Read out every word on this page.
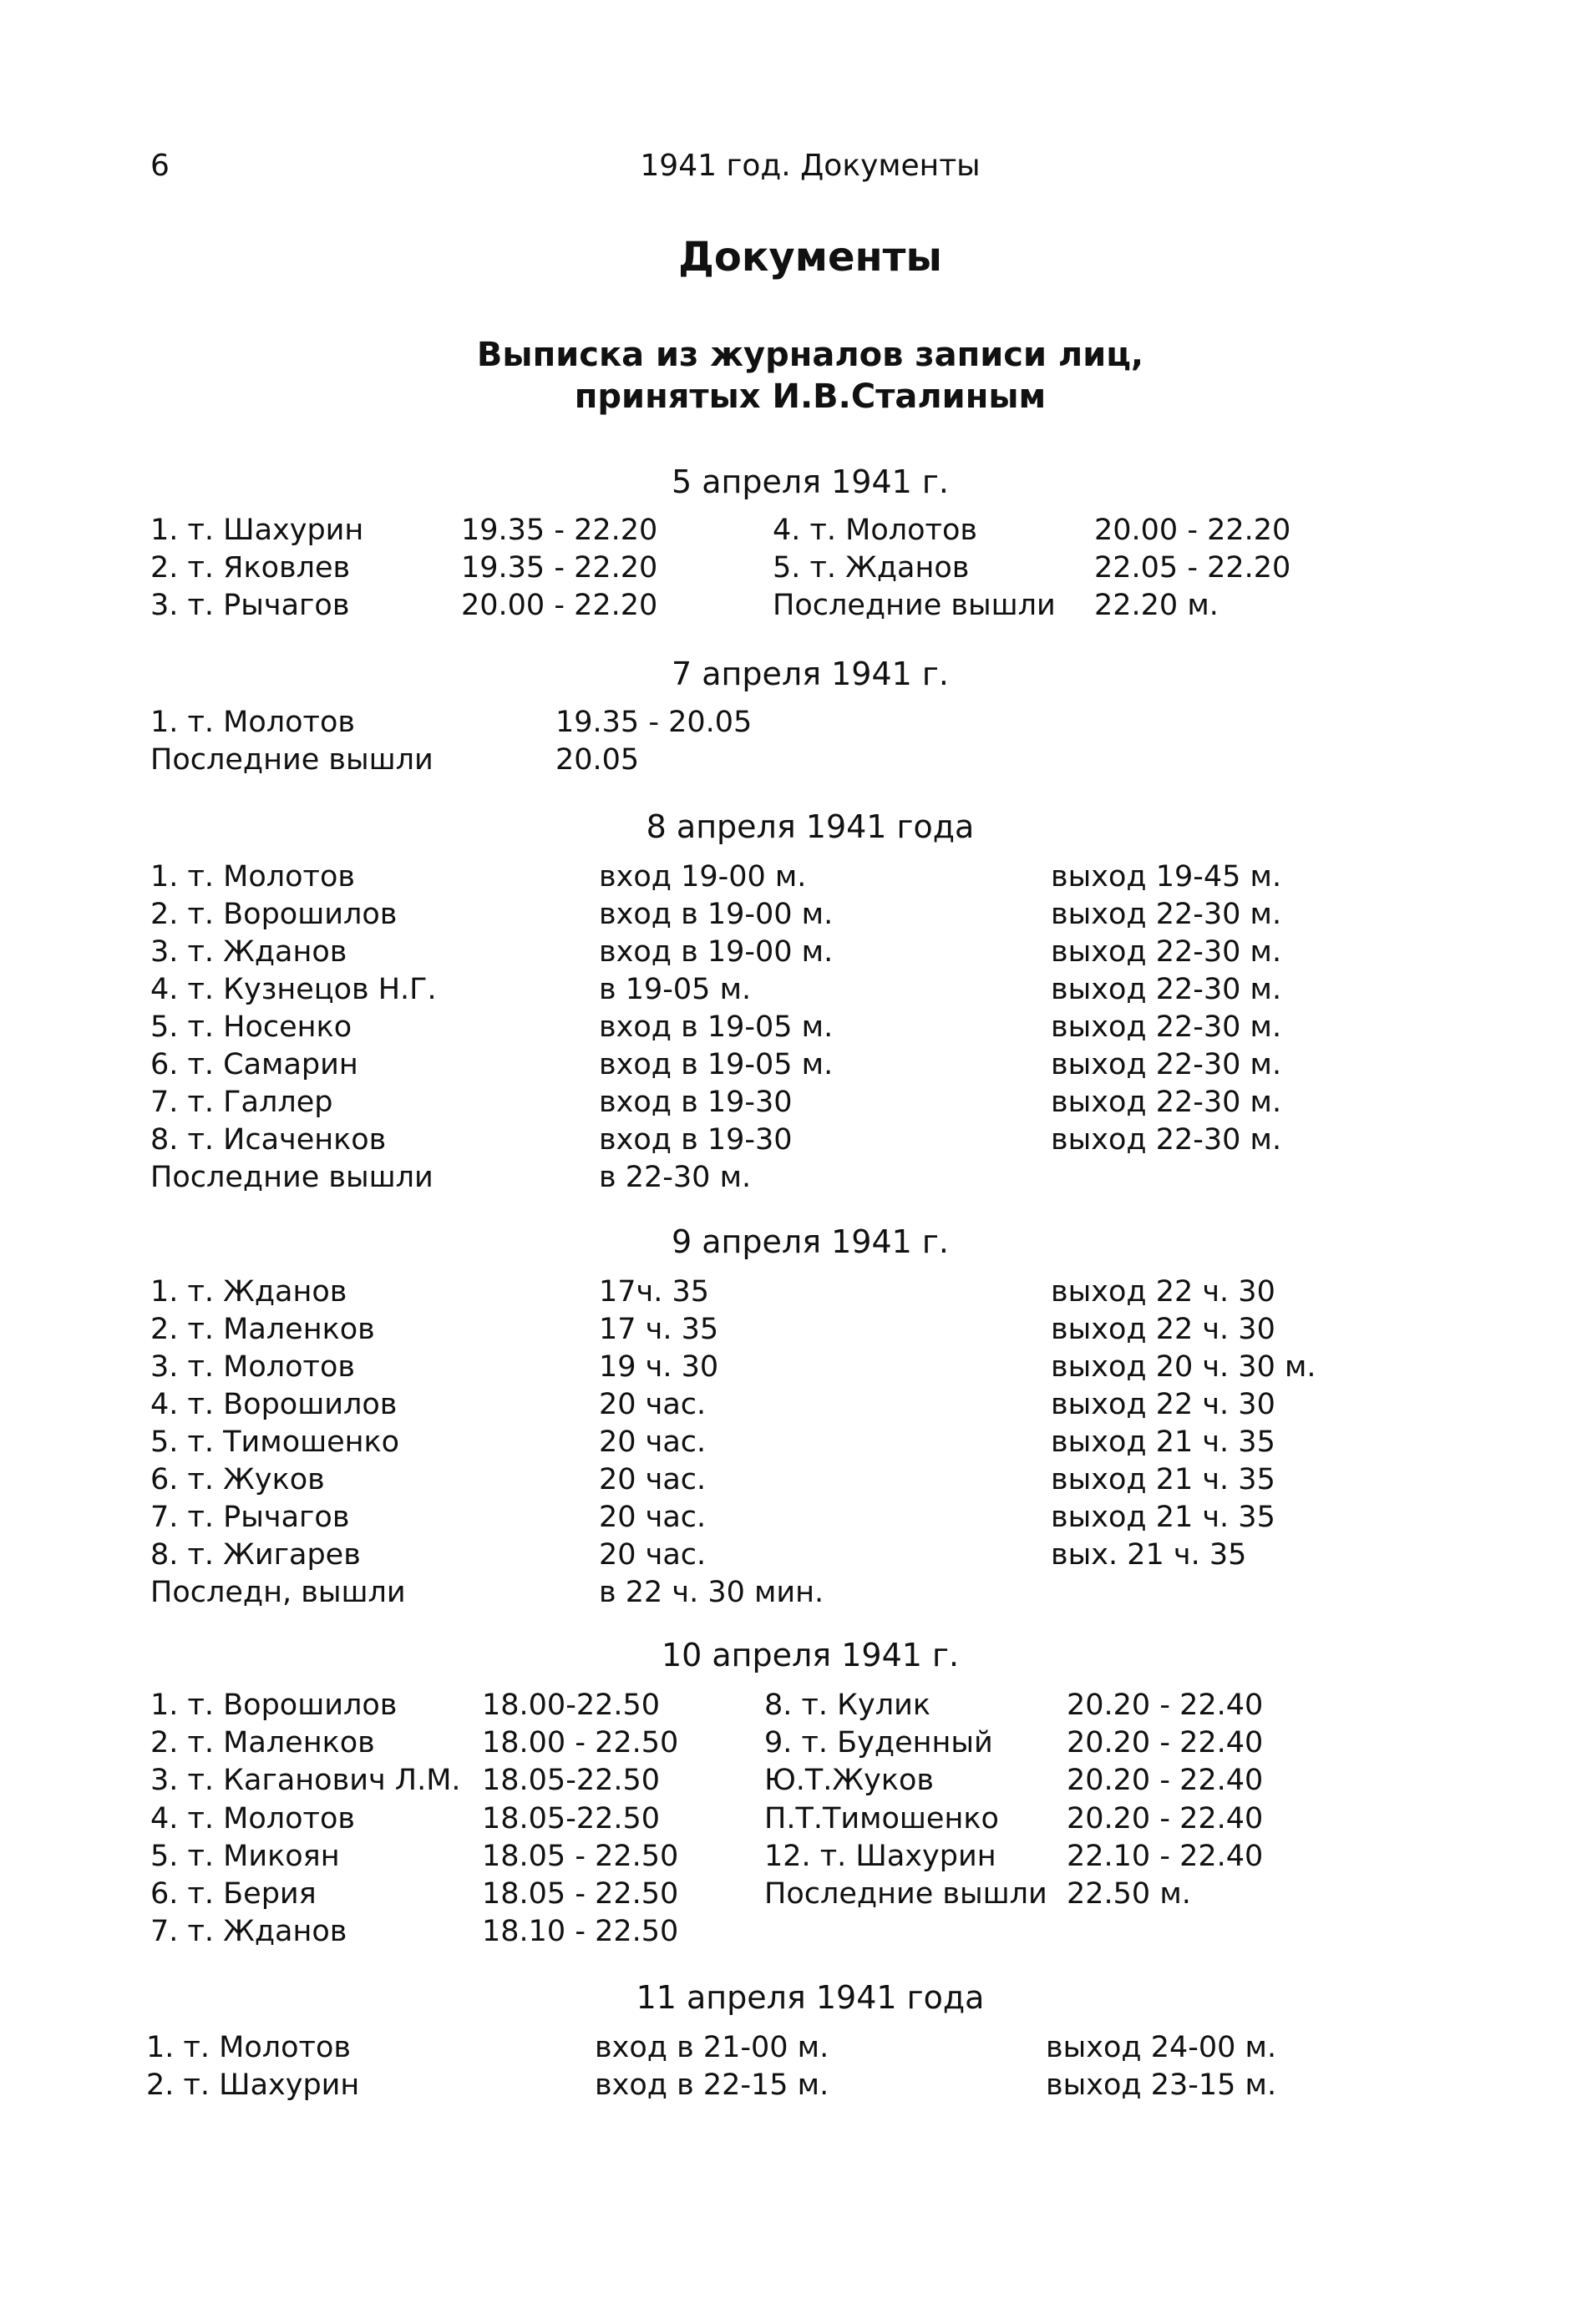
6	1941 год. Документы
Документы
Выписка из журналов записи лиц,
принятых И.В.Сталиным
5 апреля 1941 г.
1. т. Шахурин	19.35 - 22.20	4. т. Молотов	20.00 - 22.20
2. т. Яковлев	19.35 - 22.20	5. т. Жданов	22.05 - 22.20
3. т. Рычагов	20.00 - 22.20	Последние вышли 22.20 м.
7 апреля 1941 г.
1. т. Молотов	19.35 - 20.05
Последние вышли	20.05
8 апреля 1941 года
1. т. Молотов	вход 19-00 м.	выход 19-45 м.
2. т. Ворошилов	вход в 19-00 м.	выход 22-30 м.
3. т. Жданов	вход в 19-00 м.	выход 22-30 м.
4. т. Кузнецов Н.Г.	в 19-05 м.	выход 22-30 м.
5. т. Носенко	вход в 19-05 м.	выход 22-30 м.
6. т. Самарин	вход в 19-05 м.	выход 22-30 м.
7. т. Галлер	вход в 19-30	выход 22-30 м.
8. т. Исаченков	вход в 19-30	выход 22-30 м.
Последние вышли	в 22-30 м.
9 апреля 1941 г.
1. т. Жданов	17ч. 35	выход 22 ч. 30
2. т. Маленков	17 ч. 35	выход 22 ч. 30
3. т. Молотов	19 ч. 30	выход 20 ч. 30 м.
4. т. Ворошилов	20 час.	выход 22 ч. 30
5. т. Тимошенко	20 час.	выход 21 ч. 35
6. т. Жуков	20 час.	выход 21 ч. 35
7. т. Рычагов	20 час.	выход 21 ч. 35
8. т. Жигарев	20 час.	вых. 21 ч. 35
Последн, вышли	в 22 ч. 30 мин.
10 апреля 1941 г.
1. т. Ворошилов	18.00-22.50	8. т. Кулик	20.20 - 22.40
2. т. Маленков	18.00 - 22.50	9. т. Буденный	20.20 - 22.40
3. т. Каганович Л.М. 18.05-22.50	Ю.Т.Жуков	20.20 - 22.40
4. т. Молотов	18.05-22.50	П.Т.Тимошенко 20.20 - 22.40
5. т. Микоян	18.05 - 22.50	12. т. Шахурин 22.10 - 22.40
6. т. Берия	18.05 - 22.50	Последние вышли 22.50 м.
7. т. Жданов	18.10 - 22.50
11 апреля 1941 года
1. т. Молотов	вход в 21-00 м.	выход 24-00 м.
2. т. Шахурин	вход в 22-15 м.	выход 23-15 м.
